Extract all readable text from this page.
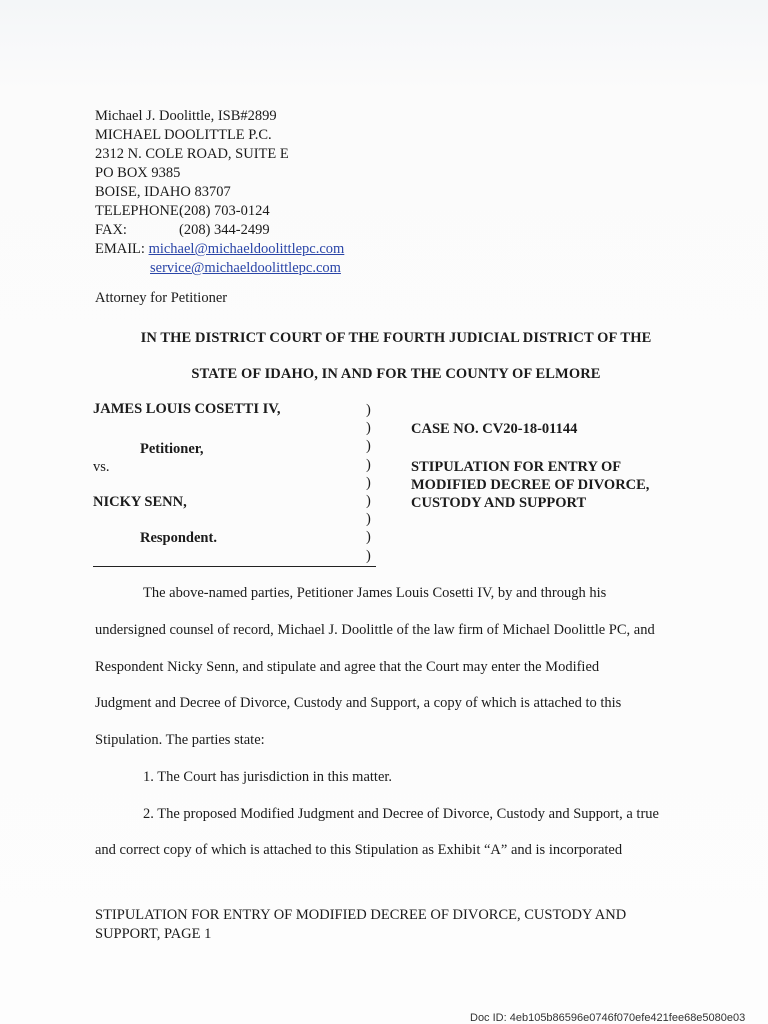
Michael J. Doolittle, ISB#2899
MICHAEL DOOLITTLE P.C.
2312 N. COLE ROAD, SUITE E
PO BOX 9385
BOISE, IDAHO 83707
TELEPHONE:(208) 703-0124
FAX:	(208) 344-2499
EMAIL: michael@michaeldoolittlepc.com
service@michaeldoolittlepc.com
Attorney for Petitioner
IN THE DISTRICT COURT OF THE FOURTH JUDICIAL DISTRICT OF THE
STATE OF IDAHO, IN AND FOR THE COUNTY OF ELMORE
JAMES LOUIS COSETTI IV,
Petitioner,
vs.
NICKY SENN,
Respondent.
)
)
)
)
)
)
)
)
)
CASE NO. CV20-18-01144
STIPULATION FOR ENTRY OF
MODIFIED DECREE OF DIVORCE,
CUSTODY AND SUPPORT
The above-named parties, Petitioner James Louis Cosetti IV, by and through his
undersigned counsel of record, Michael J. Doolittle of the law firm of Michael Doolittle PC, and
Respondent Nicky Senn, and stipulate and agree that the Court may enter the Modified
Judgment and Decree of Divorce, Custody and Support, a copy of which is attached to this
Stipulation. The parties state:
1. The Court has jurisdiction in this matter.
2. The proposed Modified Judgment and Decree of Divorce, Custody and Support, a true
and correct copy of which is attached to this Stipulation as Exhibit “A” and is incorporated
STIPULATION FOR ENTRY OF MODIFIED DECREE OF DIVORCE, CUSTODY AND
SUPPORT, PAGE 1
Doc ID: 4eb105b86596e0746f070efe421fee68e5080e03
